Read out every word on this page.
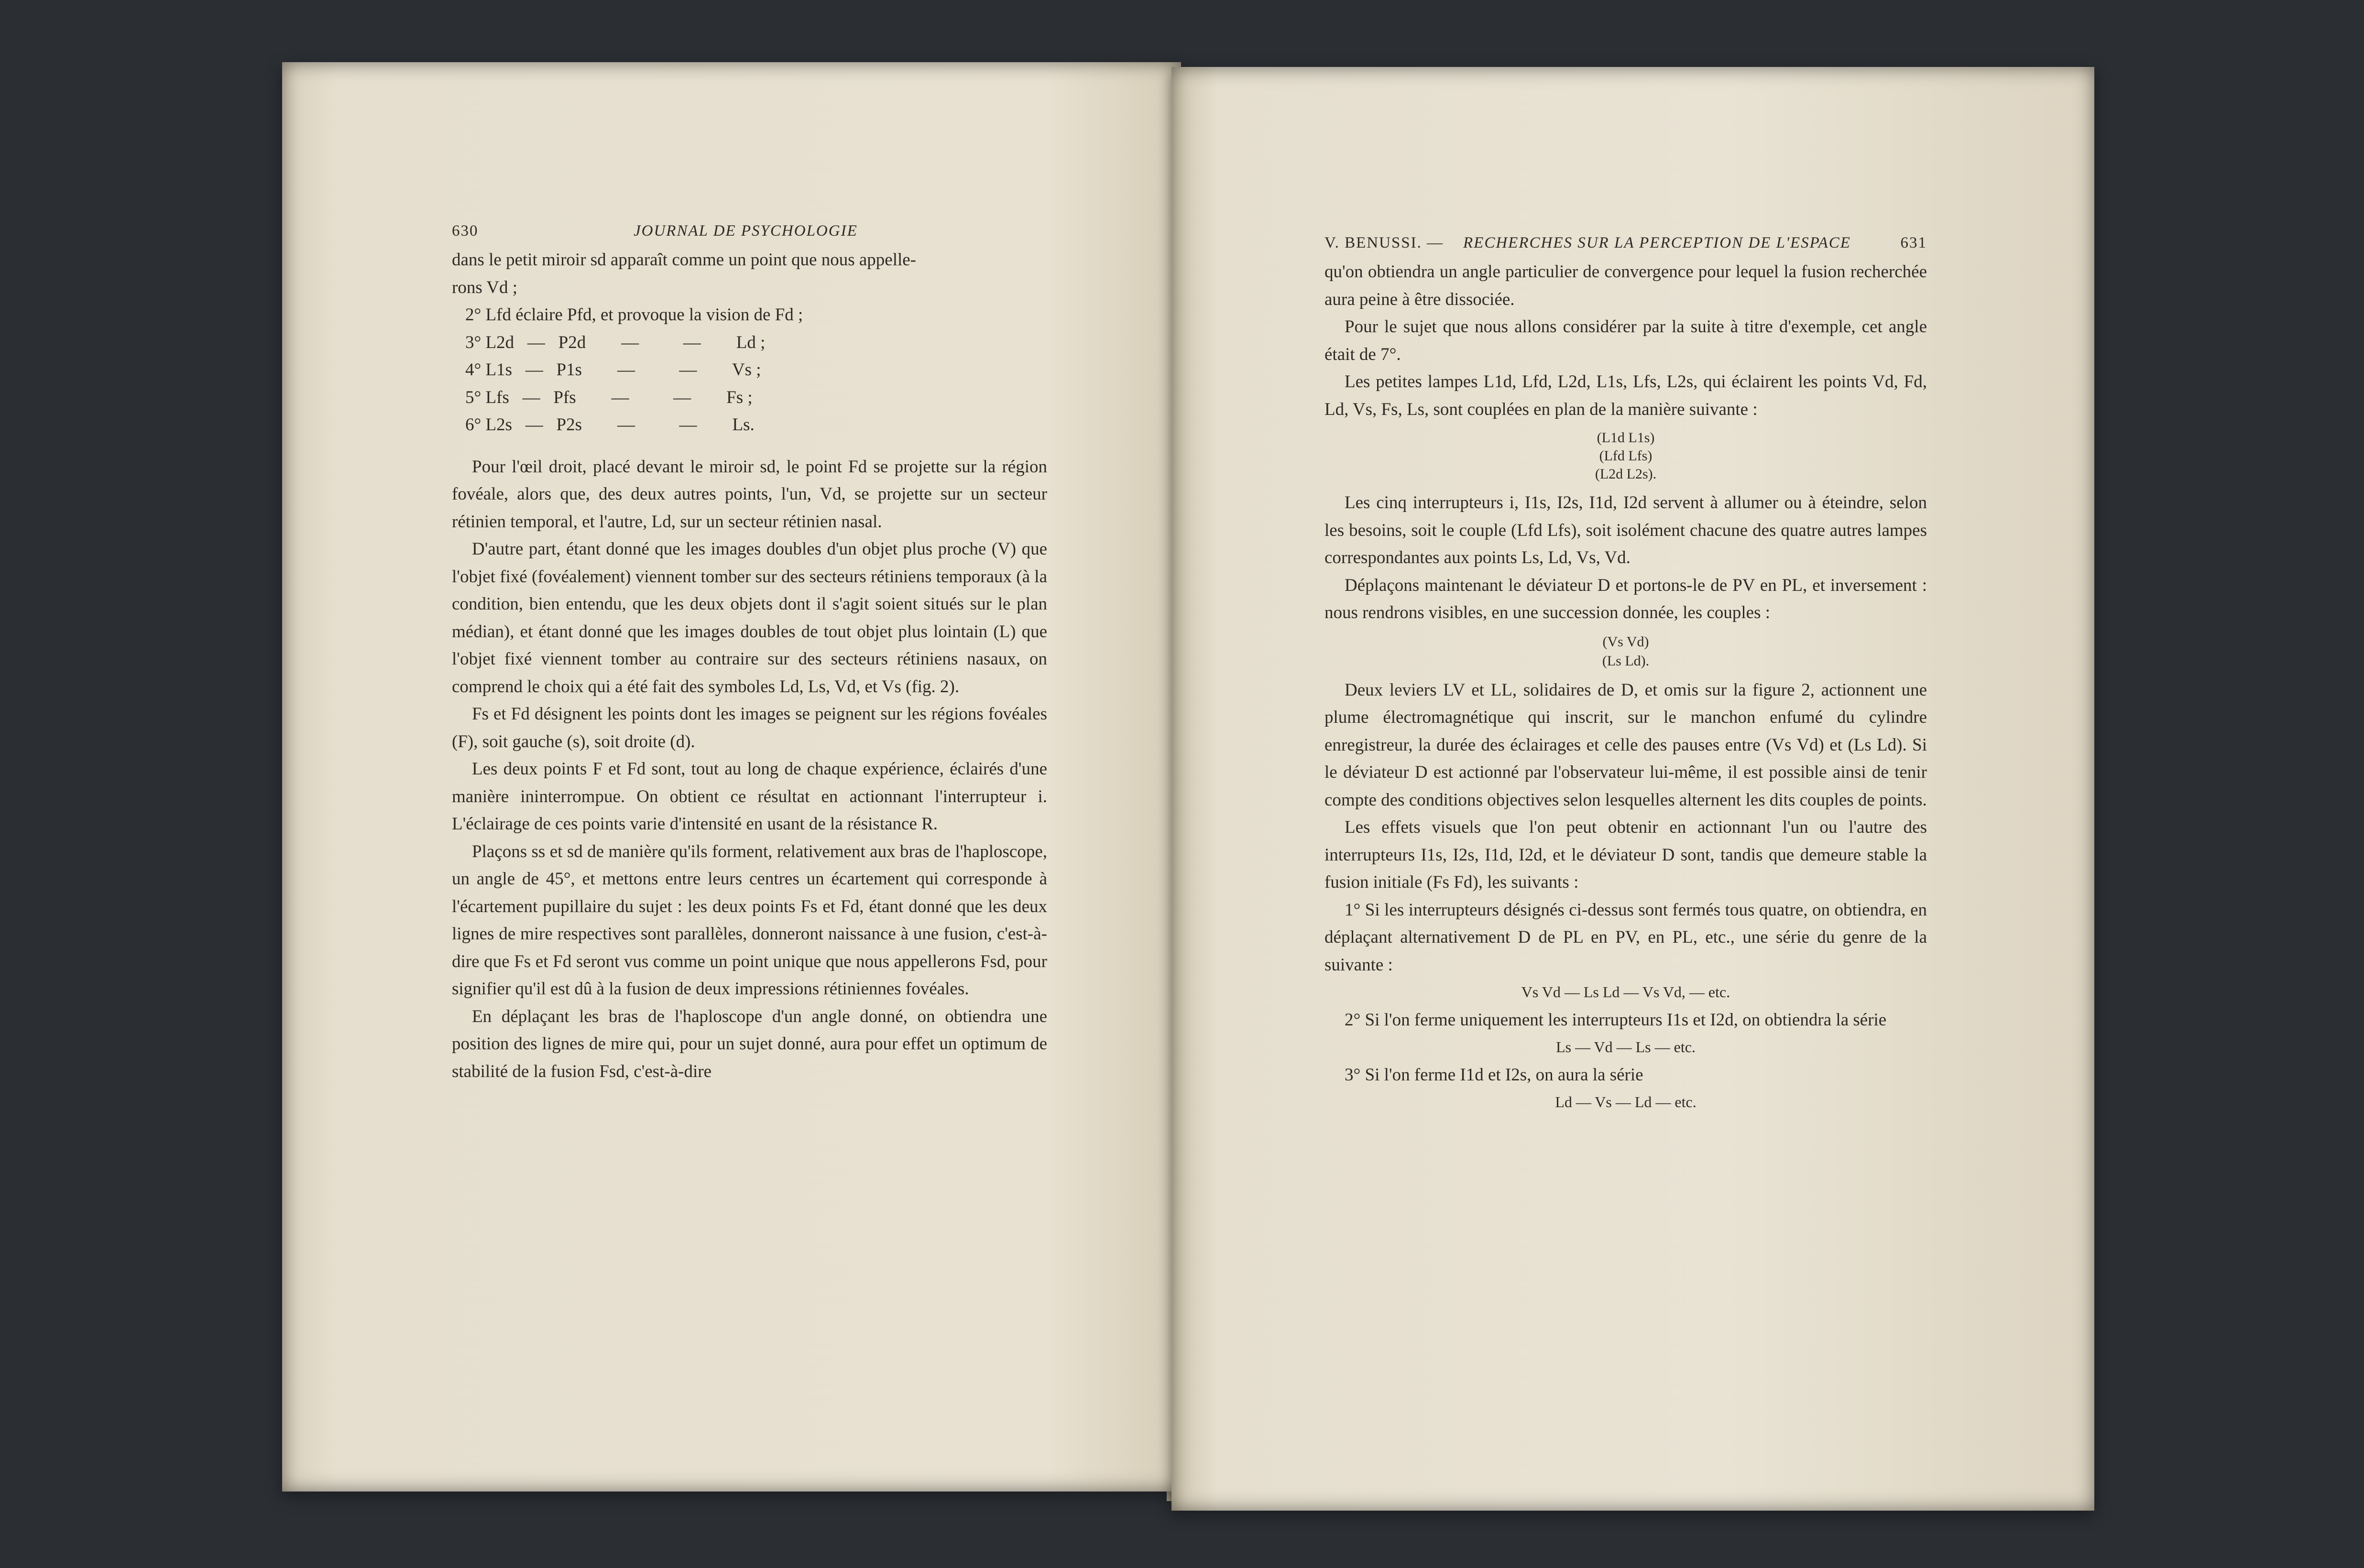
630	JOURNAL DE PSYCHOLOGIE

dans le petit miroir sd apparaît comme un point que nous appelle-

rons Vd ;

2° Lfd éclaire Pfd, et provoque la vision de Fd ;

3° L2d   —   P2d        —          —        Ld ;

4° L1s   —   P1s        —          —        Vs ;

5° Lfs   —   Pfs        —          —        Fs ;

6° L2s   —   P2s        —          —        Ls.

Pour l'œil droit, placé devant le miroir sd, le point Fd se projette sur la région fovéale, alors que, des deux autres points, l'un, Vd, se projette sur un secteur rétinien temporal, et l'autre, Ld, sur un secteur rétinien nasal.

D'autre part, étant donné que les images doubles d'un objet plus proche (V) que l'objet fixé (fovéalement) viennent tomber sur des secteurs rétiniens temporaux (à la condition, bien entendu, que les deux objets dont il s'agit soient situés sur le plan médian), et étant donné que les images doubles de tout objet plus lointain (L) que l'objet fixé viennent tomber au contraire sur des secteurs rétiniens nasaux, on comprend le choix qui a été fait des symboles Ld, Ls, Vd, et Vs (fig. 2).

Fs et Fd désignent les points dont les images se peignent sur les régions fovéales (F), soit gauche (s), soit droite (d).

Les deux points F et Fd sont, tout au long de chaque expérience, éclairés d'une manière ininterrompue. On obtient ce résultat en actionnant l'interrupteur i. L'éclairage de ces points varie d'intensité en usant de la résistance R.

Plaçons ss et sd de manière qu'ils forment, relativement aux bras de l'haploscope, un angle de 45°, et mettons entre leurs centres un écartement qui corresponde à l'écartement pupillaire du sujet : les deux points Fs et Fd, étant donné que les deux lignes de mire respectives sont parallèles, donneront naissance à une fusion, c'est-à-dire que Fs et Fd seront vus comme un point unique que nous appellerons Fsd, pour signifier qu'il est dû à la fusion de deux impressions rétiniennes fovéales.

En déplaçant les bras de l'haploscope d'un angle donné, on obtiendra une position des lignes de mire qui, pour un sujet donné, aura pour effet un optimum de stabilité de la fusion Fsd, c'est-à-dire

V. BENUSSI. — RECHERCHES SUR LA PERCEPTION DE L'ESPACE	631

qu'on obtiendra un angle particulier de convergence pour lequel la fusion recherchée aura peine à être dissociée.

Pour le sujet que nous allons considérer par la suite à titre d'exemple, cet angle était de 7°.

Les petites lampes L1d, Lfd, L2d, L1s, Lfs, L2s, qui éclairent les points Vd, Fd, Ld, Vs, Fs, Ls, sont couplées en plan de la manière suivante :

(L1d L1s)
(Lfd Lfs)
(L2d L2s).

Les cinq interrupteurs i, I1s, I2s, I1d, I2d servent à allumer ou à éteindre, selon les besoins, soit le couple (Lfd Lfs), soit isolément chacune des quatre autres lampes correspondantes aux points Ls, Ld, Vs, Vd.

Déplaçons maintenant le déviateur D et portons-le de PV en PL, et inversement : nous rendrons visibles, en une succession donnée, les couples :

(Vs Vd)
(Ls Ld).

Deux leviers LV et LL, solidaires de D, et omis sur la figure 2, actionnent une plume électromagnétique qui inscrit, sur le manchon enfumé du cylindre enregistreur, la durée des éclairages et celle des pauses entre (Vs Vd) et (Ls Ld). Si le déviateur D est actionné par l'observateur lui-même, il est possible ainsi de tenir compte des conditions objectives selon lesquelles alternent les dits couples de points.

Les effets visuels que l'on peut obtenir en actionnant l'un ou l'autre des interrupteurs I1s, I2s, I1d, I2d, et le déviateur D sont, tandis que demeure stable la fusion initiale (Fs Fd), les suivants :

1° Si les interrupteurs désignés ci-dessus sont fermés tous quatre, on obtiendra, en déplaçant alternativement D de PL en PV, en PL, etc., une série du genre de la suivante :

Vs Vd — Ls Ld — Vs Vd, — etc.

2° Si l'on ferme uniquement les interrupteurs I1s et I2d, on obtiendra la série

Ls — Vd — Ls — etc.

3° Si l'on ferme I1d et I2s, on aura la série

Ld — Vs — Ld — etc.
